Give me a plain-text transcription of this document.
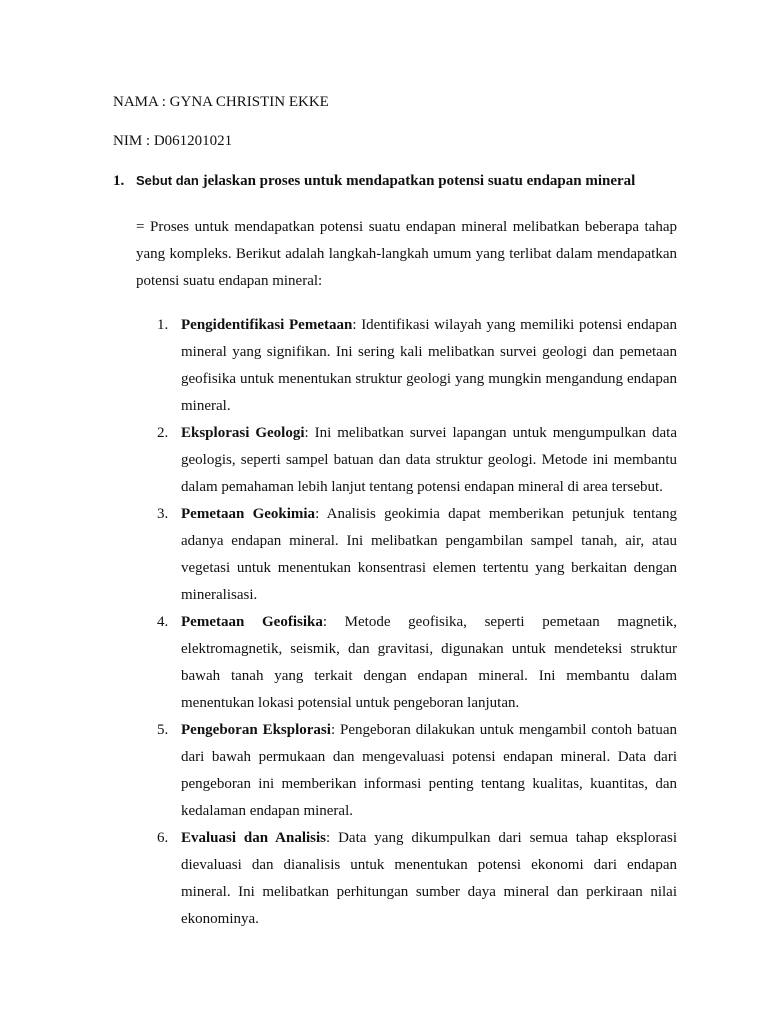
NAMA : GYNA CHRISTIN EKKE

NIM : D061201021

1. Sebut dan jelaskan proses untuk mendapatkan potensi suatu endapan mineral

= Proses untuk mendapatkan potensi suatu endapan mineral melibatkan beberapa tahap yang kompleks. Berikut adalah langkah-langkah umum yang terlibat dalam mendapatkan potensi suatu endapan mineral:

1. Pengidentifikasi Pemetaan: Identifikasi wilayah yang memiliki potensi endapan mineral yang signifikan. Ini sering kali melibatkan survei geologi dan pemetaan geofisika untuk menentukan struktur geologi yang mungkin mengandung endapan mineral.
2. Eksplorasi Geologi: Ini melibatkan survei lapangan untuk mengumpulkan data geologis, seperti sampel batuan dan data struktur geologi. Metode ini membantu dalam pemahaman lebih lanjut tentang potensi endapan mineral di area tersebut.
3. Pemetaan Geokimia: Analisis geokimia dapat memberikan petunjuk tentang adanya endapan mineral. Ini melibatkan pengambilan sampel tanah, air, atau vegetasi untuk menentukan konsentrasi elemen tertentu yang berkaitan dengan mineralisasi.
4. Pemetaan Geofisika: Metode geofisika, seperti pemetaan magnetik, elektromagnetik, seismik, dan gravitasi, digunakan untuk mendeteksi struktur bawah tanah yang terkait dengan endapan mineral. Ini membantu dalam menentukan lokasi potensial untuk pengeboran lanjutan.
5. Pengeboran Eksplorasi: Pengeboran dilakukan untuk mengambil contoh batuan dari bawah permukaan dan mengevaluasi potensi endapan mineral. Data dari pengeboran ini memberikan informasi penting tentang kualitas, kuantitas, dan kedalaman endapan mineral.
6. Evaluasi dan Analisis: Data yang dikumpulkan dari semua tahap eksplorasi dievaluasi dan dianalisis untuk menentukan potensi ekonomi dari endapan mineral. Ini melibatkan perhitungan sumber daya mineral dan perkiraan nilai ekonominya.
